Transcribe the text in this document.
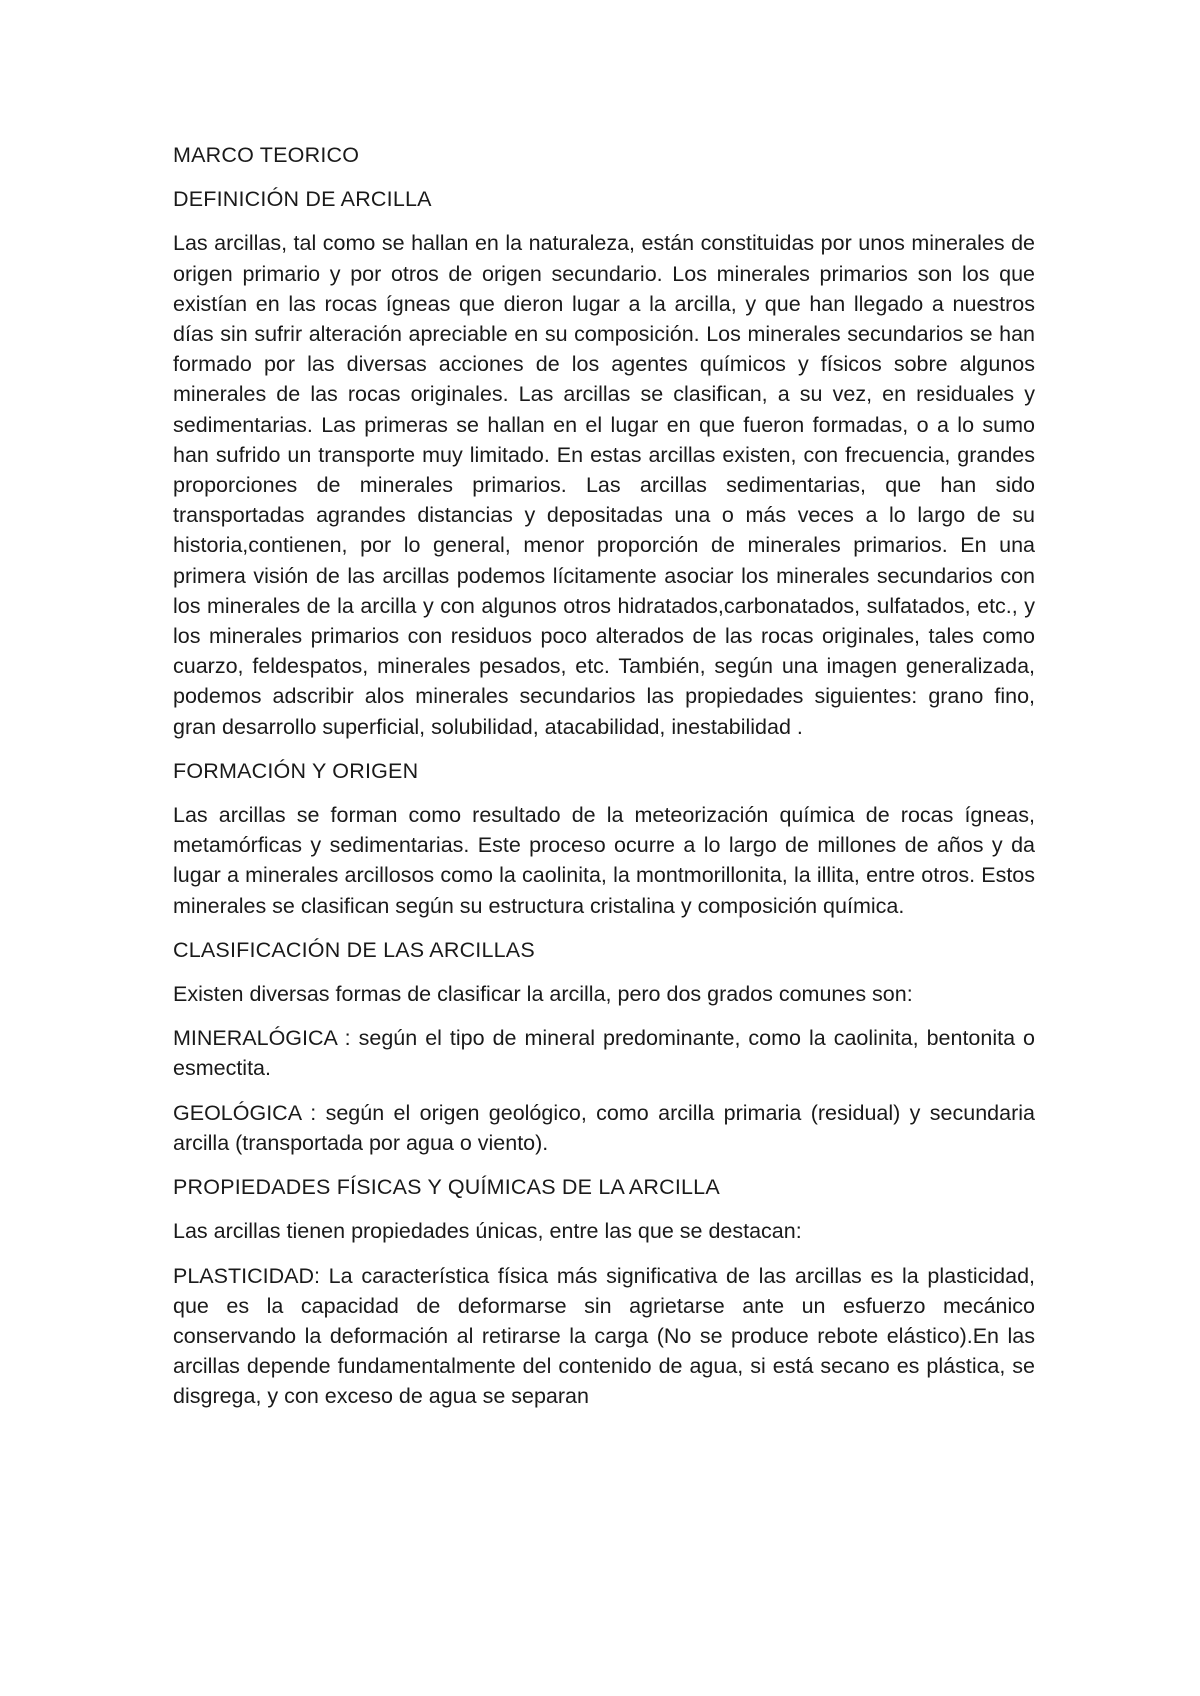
MARCO TEORICO
DEFINICIÓN DE ARCILLA
Las arcillas, tal como se hallan en la naturaleza, están constituidas por unos minerales de origen primario y por otros de origen secundario. Los minerales primarios son los que existían en las rocas ígneas que dieron lugar a la arcilla, y que han llegado a nuestros días sin sufrir alteración apreciable en su composición. Los minerales secundarios se han formado por las diversas acciones de los agentes químicos y físicos sobre algunos minerales de las rocas originales. Las arcillas se clasifican, a su vez, en residuales y sedimentarias. Las primeras se hallan en el lugar en que fueron formadas, o a lo sumo han sufrido un transporte muy limitado. En estas arcillas existen, con frecuencia, grandes proporciones de minerales primarios. Las arcillas sedimentarias, que han sido transportadas agrandes distancias y depositadas una o más veces a lo largo de su historia,contienen, por lo general, menor proporción de minerales primarios. En una primera visión de las arcillas podemos lícitamente asociar los minerales secundarios con los minerales de la arcilla y con algunos otros hidratados,carbonatados, sulfatados, etc., y los minerales primarios con residuos poco alterados de las rocas originales, tales como cuarzo, feldespatos, minerales pesados, etc. También, según una imagen generalizada, podemos adscribir alos minerales secundarios las propiedades siguientes: grano fino, gran desarrollo superficial, solubilidad, atacabilidad, inestabilidad .
FORMACIÓN Y ORIGEN
Las arcillas se forman como resultado de la meteorización química de rocas ígneas, metamórficas y sedimentarias. Este proceso ocurre a lo largo de millones de años y da lugar a minerales arcillosos como la caolinita, la montmorillonita, la illita, entre otros. Estos minerales se clasifican según su estructura cristalina y composición química.
CLASIFICACIÓN DE LAS ARCILLAS
Existen diversas formas de clasificar la arcilla, pero dos grados comunes son:
MINERALÓGICA : según el tipo de mineral predominante, como la caolinita, bentonita o esmectita.
GEOLÓGICA : según el origen geológico, como arcilla primaria (residual) y secundaria arcilla (transportada por agua o viento).
PROPIEDADES FÍSICAS Y QUÍMICAS DE LA ARCILLA
Las arcillas tienen propiedades únicas, entre las que se destacan:
PLASTICIDAD: La característica física más significativa de las arcillas es la plasticidad, que es la capacidad de deformarse sin agrietarse ante un esfuerzo mecánico conservando la deformación al retirarse la carga (No se produce rebote elástico).En las arcillas depende fundamentalmente del contenido de agua, si está secano es plástica, se disgrega, y con exceso de agua se separan
